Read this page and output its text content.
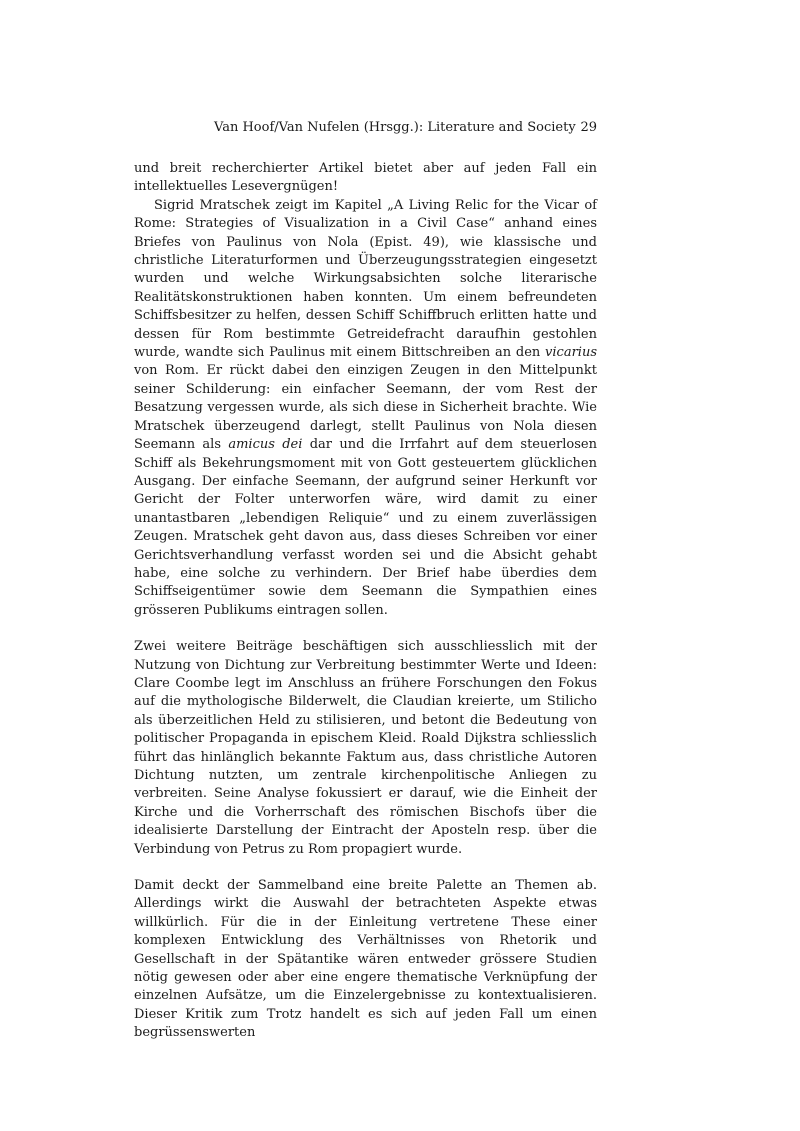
Van Hoof/Van Nufelen (Hrsgg.): Literature and Society 29

und breit recherchierter Artikel bietet aber auf jeden Fall ein intellektuelles Lesevergnügen!

Sigrid Mratschek zeigt im Kapitel „A Living Relic for the Vicar of Rome: Strategies of Visualization in a Civil Case“ anhand eines Briefes von Paulinus von Nola (Epist. 49), wie klassische und christliche Literaturformen und Überzeugungsstrategien eingesetzt wurden und welche Wirkungsabsichten solche literarische Realitätskonstruktionen haben konnten. Um einem befreundeten Schiffsbesitzer zu helfen, dessen Schiff Schiffbruch erlitten hatte und dessen für Rom bestimmte Getreidefracht daraufhin gestohlen wurde, wandte sich Paulinus mit einem Bittschreiben an den vicarius von Rom. Er rückt dabei den einzigen Zeugen in den Mittelpunkt seiner Schilderung: ein einfacher Seemann, der vom Rest der Besatzung vergessen wurde, als sich diese in Sicherheit brachte. Wie Mratschek überzeugend darlegt, stellt Paulinus von Nola diesen Seemann als amicus dei dar und die Irrfahrt auf dem steuerlosen Schiff als Bekehrungsmoment mit von Gott gesteuertem glücklichen Ausgang. Der einfache Seemann, der aufgrund seiner Herkunft vor Gericht der Folter unterworfen wäre, wird damit zu einer unantastbaren „lebendigen Reliquie“ und zu einem zuverlässigen Zeugen. Mratschek geht davon aus, dass dieses Schreiben vor einer Gerichtsverhandlung verfasst worden sei und die Absicht gehabt habe, eine solche zu verhindern. Der Brief habe überdies dem Schiffseigentümer sowie dem Seemann die Sympathien eines grösseren Publikums eintragen sollen.

Zwei weitere Beiträge beschäftigen sich ausschliesslich mit der Nutzung von Dichtung zur Verbreitung bestimmter Werte und Ideen: Clare Coombe legt im Anschluss an frühere Forschungen den Fokus auf die mythologische Bilderwelt, die Claudian kreierte, um Stilicho als überzeitlichen Held zu stilisieren, und betont die Bedeutung von politischer Propaganda in epischem Kleid. Roald Dijkstra schliesslich führt das hinlänglich bekannte Faktum aus, dass christliche Autoren Dichtung nutzten, um zentrale kirchenpolitische Anliegen zu verbreiten. Seine Analyse fokussiert er darauf, wie die Einheit der Kirche und die Vorherrschaft des römischen Bischofs über die idealisierte Darstellung der Eintracht der Aposteln resp. über die Verbindung von Petrus zu Rom propagiert wurde.

Damit deckt der Sammelband eine breite Palette an Themen ab. Allerdings wirkt die Auswahl der betrachteten Aspekte etwas willkürlich. Für die in der Einleitung vertretene These einer komplexen Entwicklung des Verhältnisses von Rhetorik und Gesellschaft in der Spätantike wären entweder grössere Studien nötig gewesen oder aber eine engere thematische Verknüpfung der einzelnen Aufsätze, um die Einzelergebnisse zu kontextualisieren. Dieser Kritik zum Trotz handelt es sich auf jeden Fall um einen begrüssenswerten
